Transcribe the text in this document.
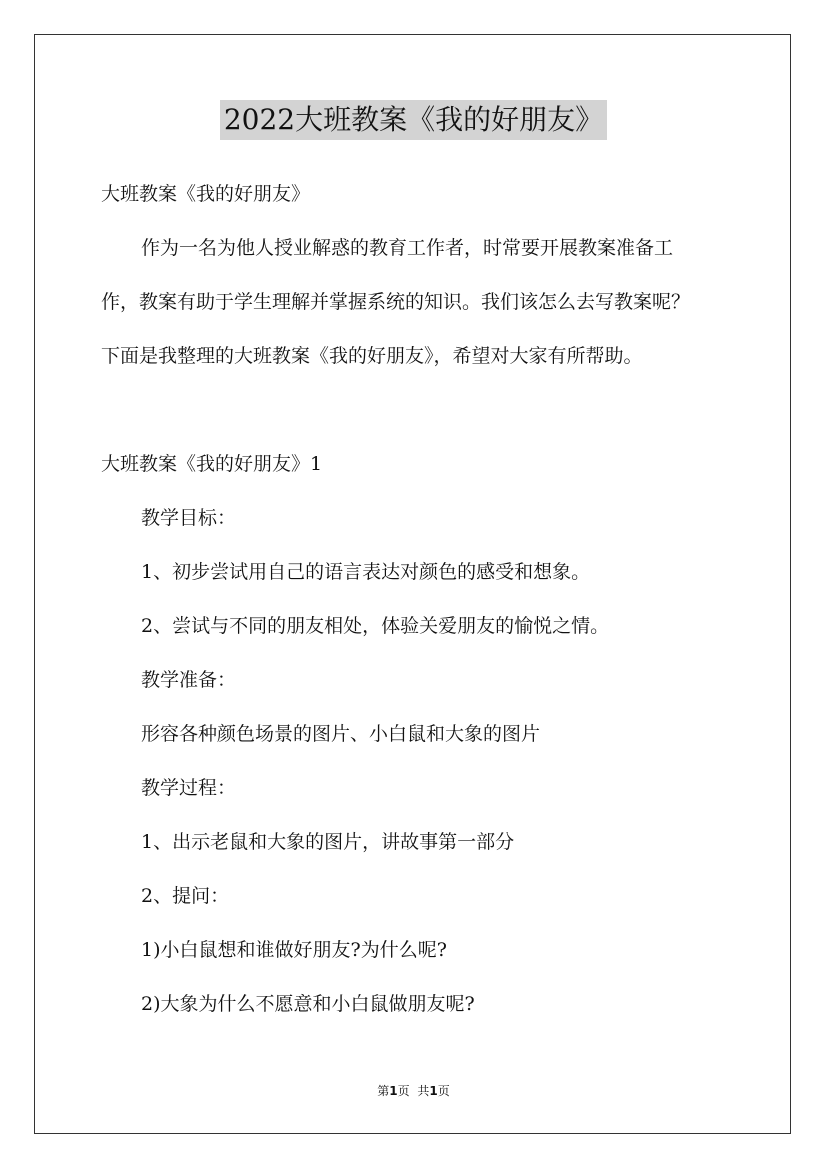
2022大班教案《我的好朋友》
大班教案《我的好朋友》
作为一名为他人授业解惑的教育工作者，时常要开展教案准备工
作，教案有助于学生理解并掌握系统的知识。我们该怎么去写教案呢？
下面是我整理的大班教案《我的好朋友》，希望对大家有所帮助。
大班教案《我的好朋友》1
教学目标：
1、初步尝试用自己的语言表达对颜色的感受和想象。
2、尝试与不同的朋友相处，体验关爱朋友的愉悦之情。
教学准备：
形容各种颜色场景的图片、小白鼠和大象的图片
教学过程：
1、出示老鼠和大象的图片，讲故事第一部分
2、提问：
1)小白鼠想和谁做好朋友?为什么呢?
2)大象为什么不愿意和小白鼠做朋友呢?
第1页 共1页
